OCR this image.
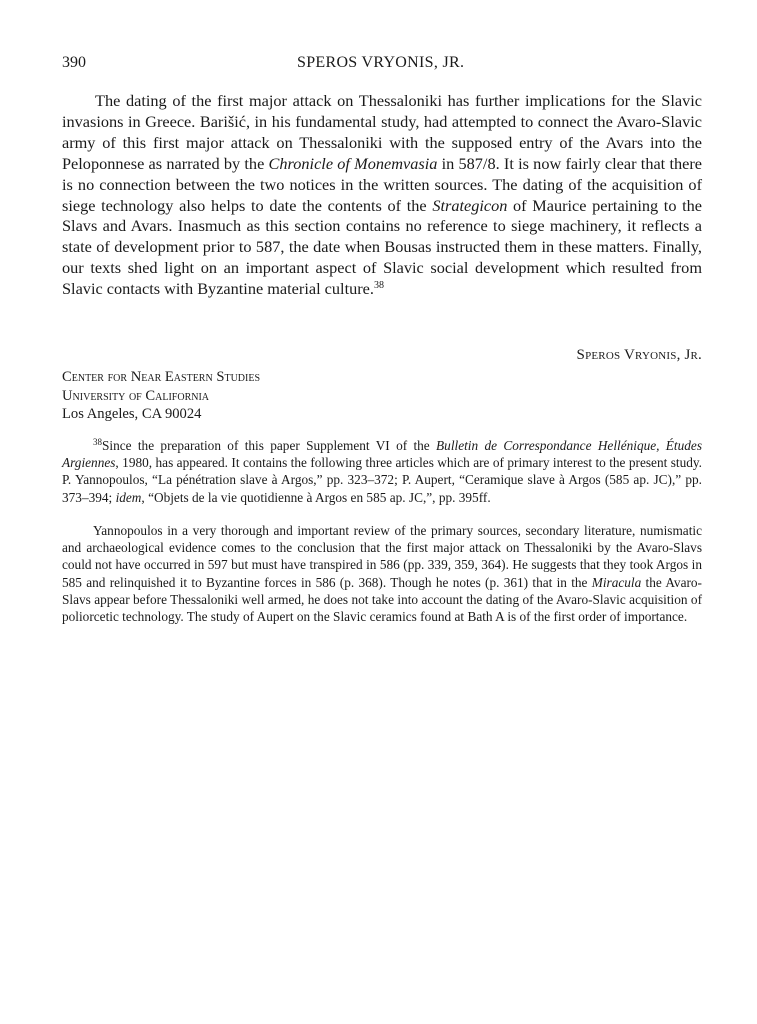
390	SPEROS VRYONIS, JR.

The dating of the first major attack on Thessaloniki has further implications for the Slavic invasions in Greece. Barišić, in his fundamental study, had attempted to connect the Avaro-Slavic army of this first major attack on Thessaloniki with the supposed entry of the Avars into the Peloponnese as narrated by the Chronicle of Monemvasia in 587/8. It is now fairly clear that there is no connection between the two notices in the written sources. The dating of the acquisition of siege technology also helps to date the contents of the Strategicon of Maurice pertaining to the Slavs and Avars. Inasmuch as this section contains no reference to siege machinery, it reflects a state of development prior to 587, the date when Bousas instructed them in these matters. Finally, our texts shed light on an important aspect of Slavic social development which resulted from Slavic contacts with Byzantine material culture.$^{38}$

Speros Vryonis, Jr.
Center for Near Eastern Studies
University of California
Los Angeles, CA 90024

$^{38}$Since the preparation of this paper Supplement VI of the Bulletin de Correspondance Hellénique, Études Argiennes, 1980, has appeared. It contains the following three articles which are of primary interest to the present study. P. Yannopoulos, “La pénétration slave à Argos,” pp. 323–372; P. Aupert, “Ceramique slave à Argos (585 ap. JC),” pp. 373–394; idem, “Objets de la vie quotidienne à Argos en 585 ap. JC,”, pp. 395ff.

Yannopoulos in a very thorough and important review of the primary sources, secondary literature, numismatic and archaeological evidence comes to the conclusion that the first major attack on Thessaloniki by the Avaro-Slavs could not have occurred in 597 but must have transpired in 586 (pp. 339, 359, 364). He suggests that they took Argos in 585 and relinquished it to Byzantine forces in 586 (p. 368). Though he notes (p. 361) that in the Miracula the Avaro-Slavs appear before Thessaloniki well armed, he does not take into account the dating of the Avaro-Slavic acquisition of poliorcetic technology. The study of Aupert on the Slavic ceramics found at Bath A is of the first order of importance.
